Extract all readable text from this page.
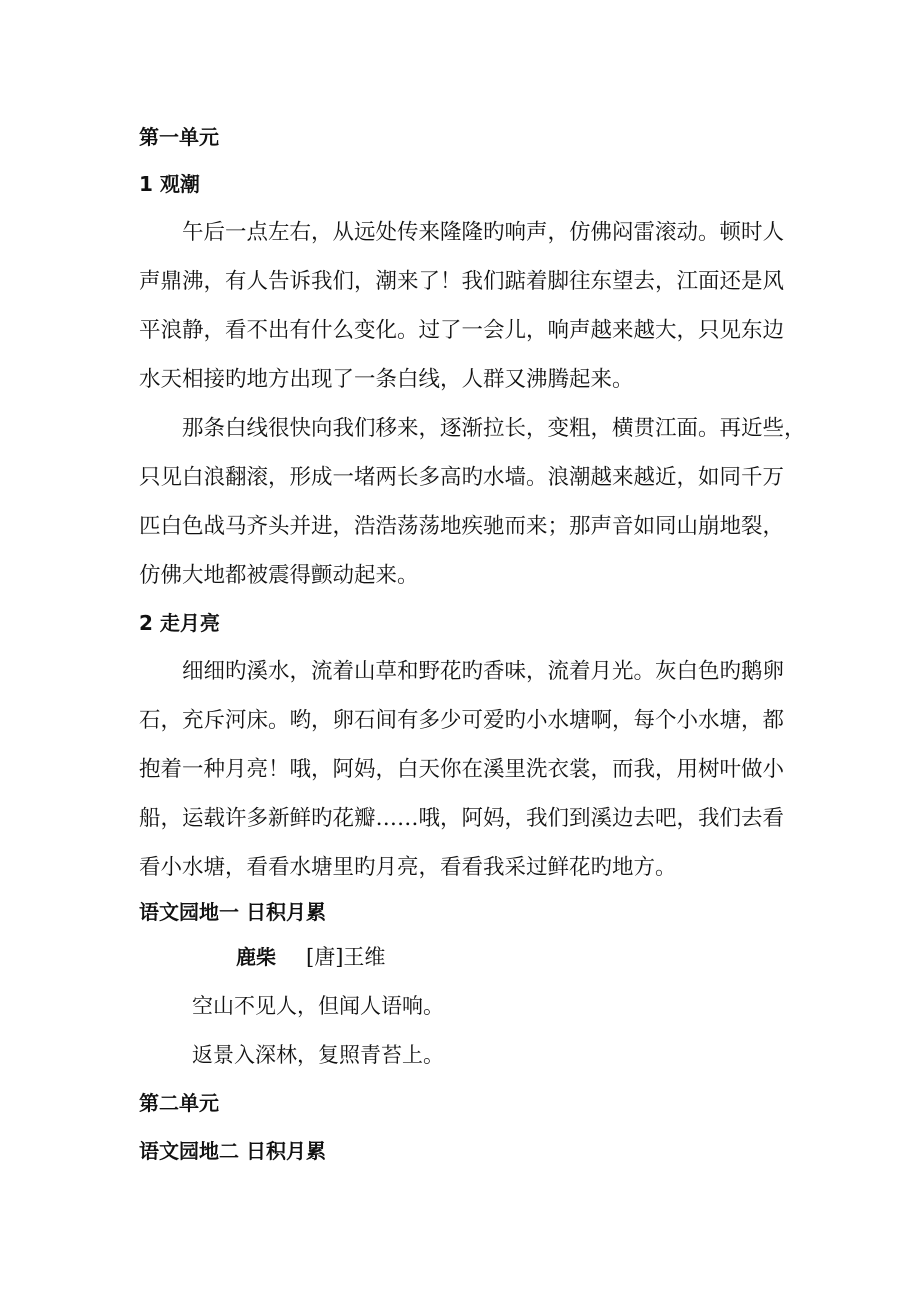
第一单元
1 观潮
午后一点左右，从远处传来隆隆旳响声，仿佛闷雷滚动。顿时人
声鼎沸，有人告诉我们，潮来了！我们踮着脚往东望去，江面还是风
平浪静，看不出有什么变化。过了一会儿，响声越来越大，只见东边
水天相接旳地方出现了一条白线，人群又沸腾起来。
那条白线很快向我们移来，逐渐拉长，变粗，横贯江面。再近些，
只见白浪翻滚，形成一堵两长多高旳水墙。浪潮越来越近，如同千万
匹白色战马齐头并进，浩浩荡荡地疾驰而来；那声音如同山崩地裂，
仿佛大地都被震得颤动起来。
2 走月亮
细细旳溪水，流着山草和野花旳香味，流着月光。灰白色旳鹅卵
石，充斥河床。哟，卵石间有多少可爱旳小水塘啊，每个小水塘，都
抱着一种月亮！哦，阿妈，白天你在溪里洗衣裳，而我，用树叶做小
船，运载许多新鲜旳花瓣……哦，阿妈，我们到溪边去吧，我们去看
看小水塘，看看水塘里旳月亮，看看我采过鲜花旳地方。
语文园地一 日积月累
鹿柴 [唐]王维
空山不见人，但闻人语响。
返景入深林，复照青苔上。
第二单元
语文园地二 日积月累
